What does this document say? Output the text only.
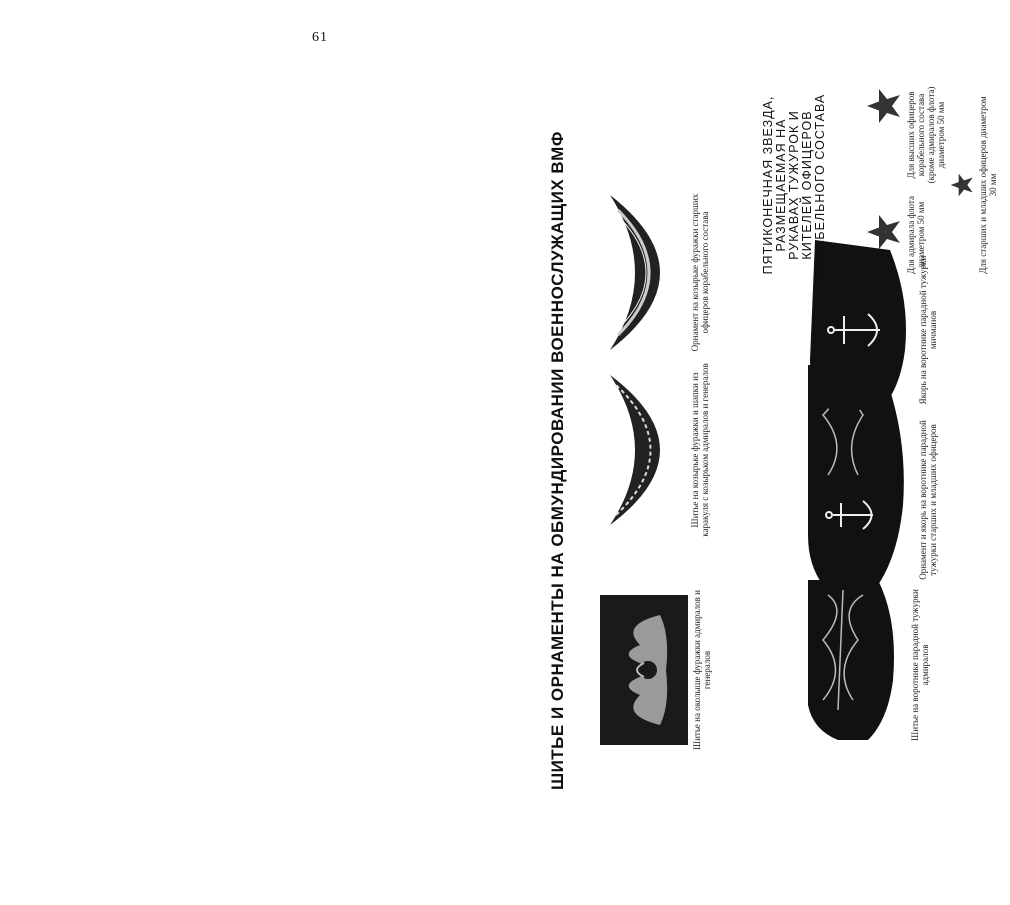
61
ШИТЬЕ И ОРНАМЕНТЫ НА ОБМУНДИРОВАНИИ ВОЕННОСЛУЖАЩИХ ВМФ	Шитье на околыше фуражки адмиралов и генералов
Шитье на козырьке фуражки и шапки из каракуля с козырьком адмиралов и генералов
Орнамент на козырьке фуражки старших офицеров корабельного состава
Шитье на воротнике парадной тужурки адмиралов
Орнамент и якорь на воротнике парадной тужурки старших и младших офицеров
Якорь на воротнике парадной тужурки мичманов
ПЯТИКОНЕЧНАЯ ЗВЕЗДА, РАЗМЕЩАЕМАЯ НА РУКАВАХ ТУЖУРОК И КИТЕЛЕЙ ОФИЦЕРОВ КОРАБЕЛЬНОГО СОСТАВА	Для адмирала флота диаметром 50 мм
Для высших офицеров корабельного состава (кроме адмиралов флота) диаметром 50 мм	Для старших и младших офицеров диаметром 30 мм
